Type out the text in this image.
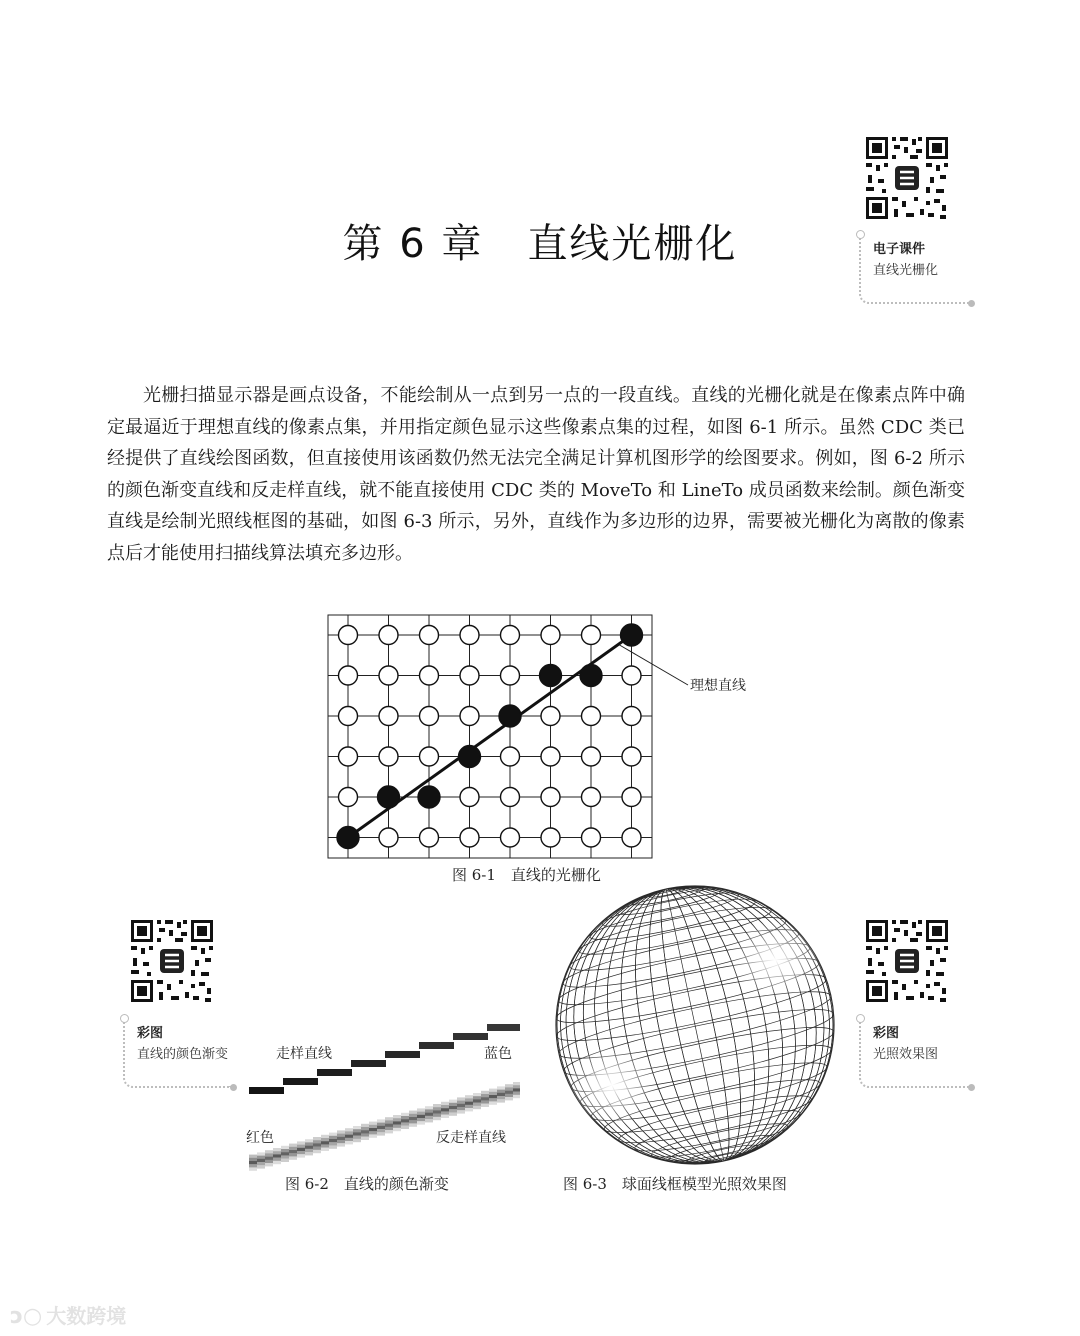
第 6 章 直线光栅化	电子课件
直线光栅化

光栅扫描显示器是画点设备，不能绘制从一点到另一点的一段直线。直线的光栅化就是在像素点阵中确定最逼近于理想直线的像素点集，并用指定颜色显示这些像素点集的过程，如图 6-1 所示。虽然 CDC 类已经提供了直线绘图函数，但直接使用该函数仍然无法完全满足计算机图形学的绘图要求。例如，图 6-2 所示的颜色渐变直线和反走样直线，就不能直接使用 CDC 类的 MoveTo 和 LineTo 成员函数来绘制。颜色渐变直线是绘制光照线框图的基础，如图 6-3 所示，另外，直线作为多边形的边界，需要被光栅化为离散的像素点后才能使用扫描线算法填充多边形。

理想直线
图 6-1　直线的光栅化
彩图
直线的颜色渐变	走样直线	蓝色
红色	反走样直线
图 6-2　直线的颜色渐变	图 6-3　球面线框模型光照效果图
彩图
光照效果图
ↄ○ 大数跨境
